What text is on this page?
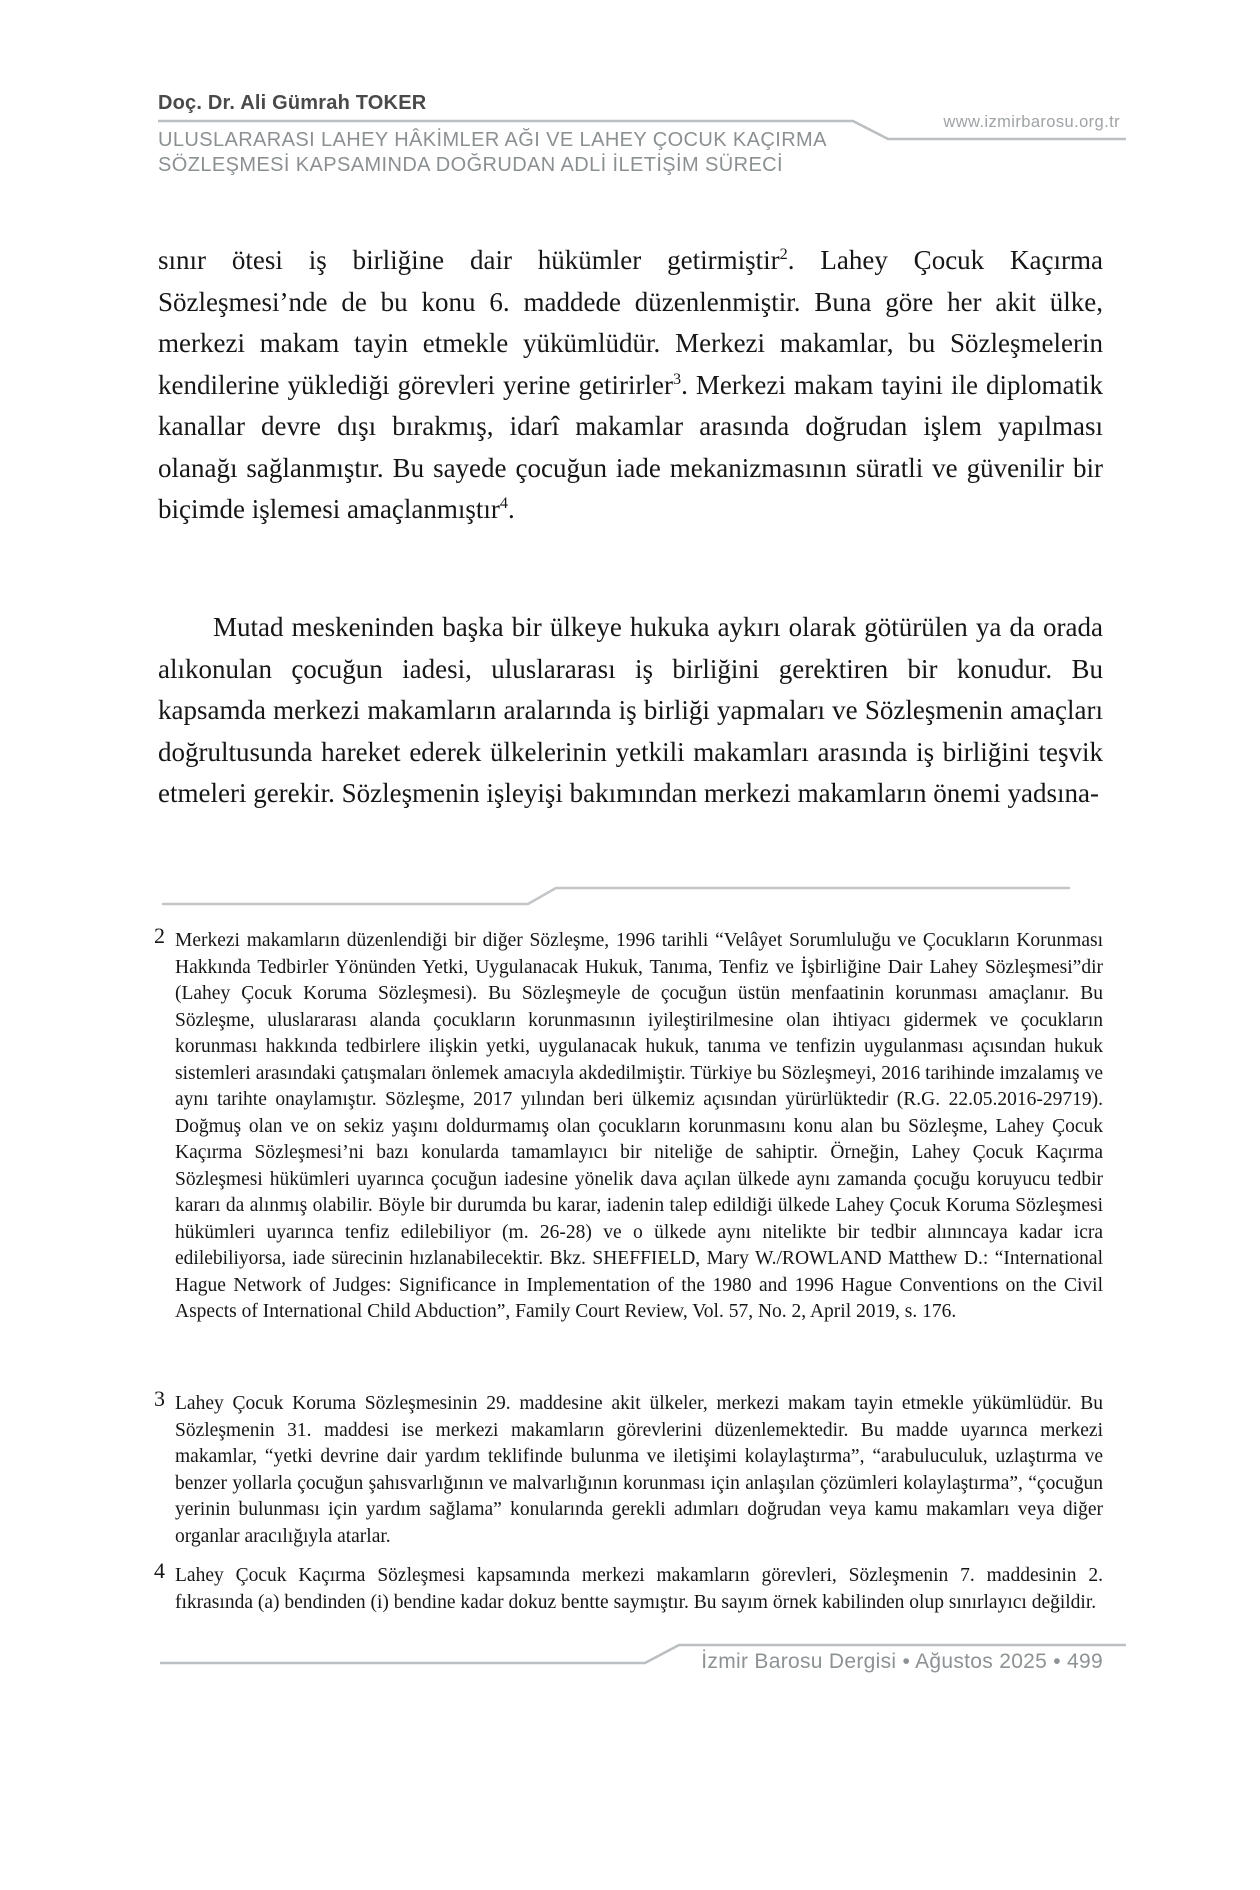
Doç. Dr. Ali Gümrah TOKER
www.izmirbarosu.org.tr
ULUSLARARASI LAHEY HÂKİMLER AĞI VE LAHEY ÇOCUK KAÇIRMA
SÖZLEŞMESİ KAPSAMINDA DOĞRUDAN ADLİ İLETİŞİM SÜRECİ
sınır ötesi iş birliğine dair hükümler getirmiştir$^2$. Lahey Çocuk Kaçırma Sözleşmesi’nde de bu konu 6. maddede düzenlenmiştir. Buna göre her akit ülke, merkezi makam tayin etmekle yükümlüdür. Merkezi makamlar, bu Sözleşmelerin kendilerine yüklediği görevleri yerine getirirler$^3$. Merkezi makam tayini ile diplomatik kanallar devre dışı bırakmış, idarî makamlar arasında doğrudan işlem yapılması olanağı sağlanmıştır. Bu sayede çocuğun iade mekanizmasının süratli ve güvenilir bir biçimde işlemesi amaçlanmıştır$^4$.
Mutad meskeninden başka bir ülkeye hukuka aykırı olarak götürülen ya da orada alıkonulan çocuğun iadesi, uluslararası iş birliğini gerektiren bir konudur. Bu kapsamda merkezi makamların aralarında iş birliği yapmaları ve Sözleşmenin amaçları doğrultusunda hareket ederek ülkelerinin yetkili makamları arasında iş birliğini teşvik etmeleri gerekir. Sözleşmenin işleyişi bakımından merkezi makamların önemi yadsına-
2 Merkezi makamların düzenlendiği bir diğer Sözleşme, 1996 tarihli “Velâyet Sorumluluğu ve Çocukların Korunması Hakkında Tedbirler Yönünden Yetki, Uygulanacak Hukuk, Tanıma, Tenfiz ve İşbirliğine Dair Lahey Sözleşmesi”dir (Lahey Çocuk Koruma Sözleşmesi). Bu Sözleşmeyle de çocuğun üstün menfaatinin korunması amaçlanır. Bu Sözleşme, uluslararası alanda çocukların korunmasının iyileştirilmesine olan ihtiyacı gidermek ve çocukların korunması hakkında tedbirlere ilişkin yetki, uygulanacak hukuk, tanıma ve tenfizin uygulanması açısından hukuk sistemleri arasındaki çatışmaları önlemek amacıyla akdedilmiştir. Türkiye bu Sözleşmeyi, 2016 tarihinde imzalamış ve aynı tarihte onaylamıştır. Sözleşme, 2017 yılından beri ülkemiz açısından yürürlüktedir (R.G. 22.05.2016-29719). Doğmuş olan ve on sekiz yaşını doldurmamış olan çocukların korunmasını konu alan bu Sözleşme, Lahey Çocuk Kaçırma Sözleşmesi’ni bazı konularda tamamlayıcı bir niteliğe de sahiptir. Örneğin, Lahey Çocuk Kaçırma Sözleşmesi hükümleri uyarınca çocuğun iadesine yönelik dava açılan ülkede aynı zamanda çocuğu koruyucu tedbir kararı da alınmış olabilir. Böyle bir durumda bu karar, iadenin talep edildiği ülkede Lahey Çocuk Koruma Sözleşmesi hükümleri uyarınca tenfiz edilebiliyor (m. 26-28) ve o ülkede aynı nitelikte bir tedbir alınıncaya kadar icra edilebiliyorsa, iade sürecinin hızlanabilecektir. Bkz. SHEFFIELD, Mary W./ROWLAND Matthew D.: “International Hague Network of Judges: Significance in Implementation of the 1980 and 1996 Hague Conventions on the Civil Aspects of International Child Abduction”, Family Court Review, Vol. 57, No. 2, April 2019, s. 176.
3 Lahey Çocuk Koruma Sözleşmesinin 29. maddesine akit ülkeler, merkezi makam tayin etmekle yükümlüdür. Bu Sözleşmenin 31. maddesi ise merkezi makamların görevlerini düzenlemektedir. Bu madde uyarınca merkezi makamlar, “yetki devrine dair yardım teklifinde bulunma ve iletişimi kolaylaştırma”, “arabuluculuk, uzlaştırma ve benzer yollarla çocuğun şahısvarlığının ve malvarlığının korunması için anlaşılan çözümleri kolaylaştırma”, “çocuğun yerinin bulunması için yardım sağlama” konularında gerekli adımları doğrudan veya kamu makamları veya diğer organlar aracılığıyla atarlar.
4 Lahey Çocuk Kaçırma Sözleşmesi kapsamında merkezi makamların görevleri, Sözleşmenin 7. maddesinin 2. fıkrasında (a) bendinden (i) bendine kadar dokuz bentte saymıştır. Bu sayım örnek kabilinden olup sınırlayıcı değildir.
İzmir Barosu Dergisi • Ağustos 2025 • 499
